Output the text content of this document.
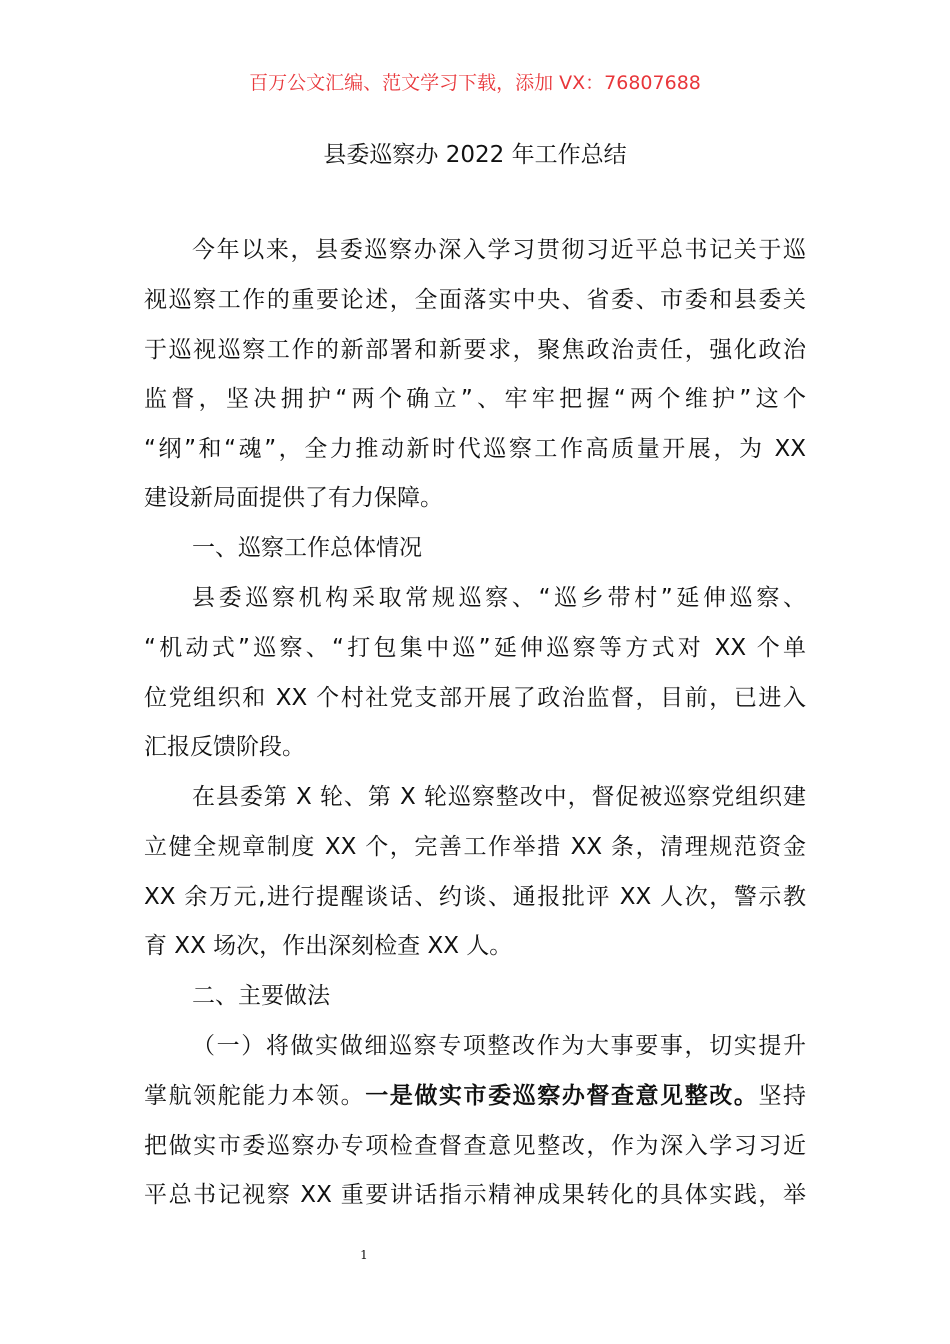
百万公文汇编、范文学习下载，添加 VX：76807688
县委巡察办 2022 年工作总结
今年以来，县委巡察办深入学习贯彻习近平总书记关于巡
视巡察工作的重要论述，全面落实中央、省委、市委和县委关
于巡视巡察工作的新部署和新要求，聚焦政治责任，强化政治
监督，坚决拥护“两个确立”、牢牢把握“两个维护”这个
“纲”和“魂”，全力推动新时代巡察工作高质量开展，为 XX
建设新局面提供了有力保障。
一、巡察工作总体情况
县委巡察机构采取常规巡察、“巡乡带村”延伸巡察、
“机动式”巡察、“打包集中巡”延伸巡察等方式对 XX 个单
位党组织和 XX 个村社党支部开展了政治监督，目前，已进入
汇报反馈阶段。
在县委第 X 轮、第 X 轮巡察整改中，督促被巡察党组织建
立健全规章制度 XX 个，完善工作举措 XX 条，清理规范资金
XX 余万元,进行提醒谈话、约谈、通报批评 XX 人次，警示教
育 XX 场次，作出深刻检查 XX 人。
二、主要做法
（一）将做实做细巡察专项整改作为大事要事，切实提升
掌航领舵能力本领。一是做实市委巡察办督查意见整改。坚持
把做实市委巡察办专项检查督查意见整改，作为深入学习习近
平总书记视察 XX 重要讲话指示精神成果转化的具体实践，举
1
